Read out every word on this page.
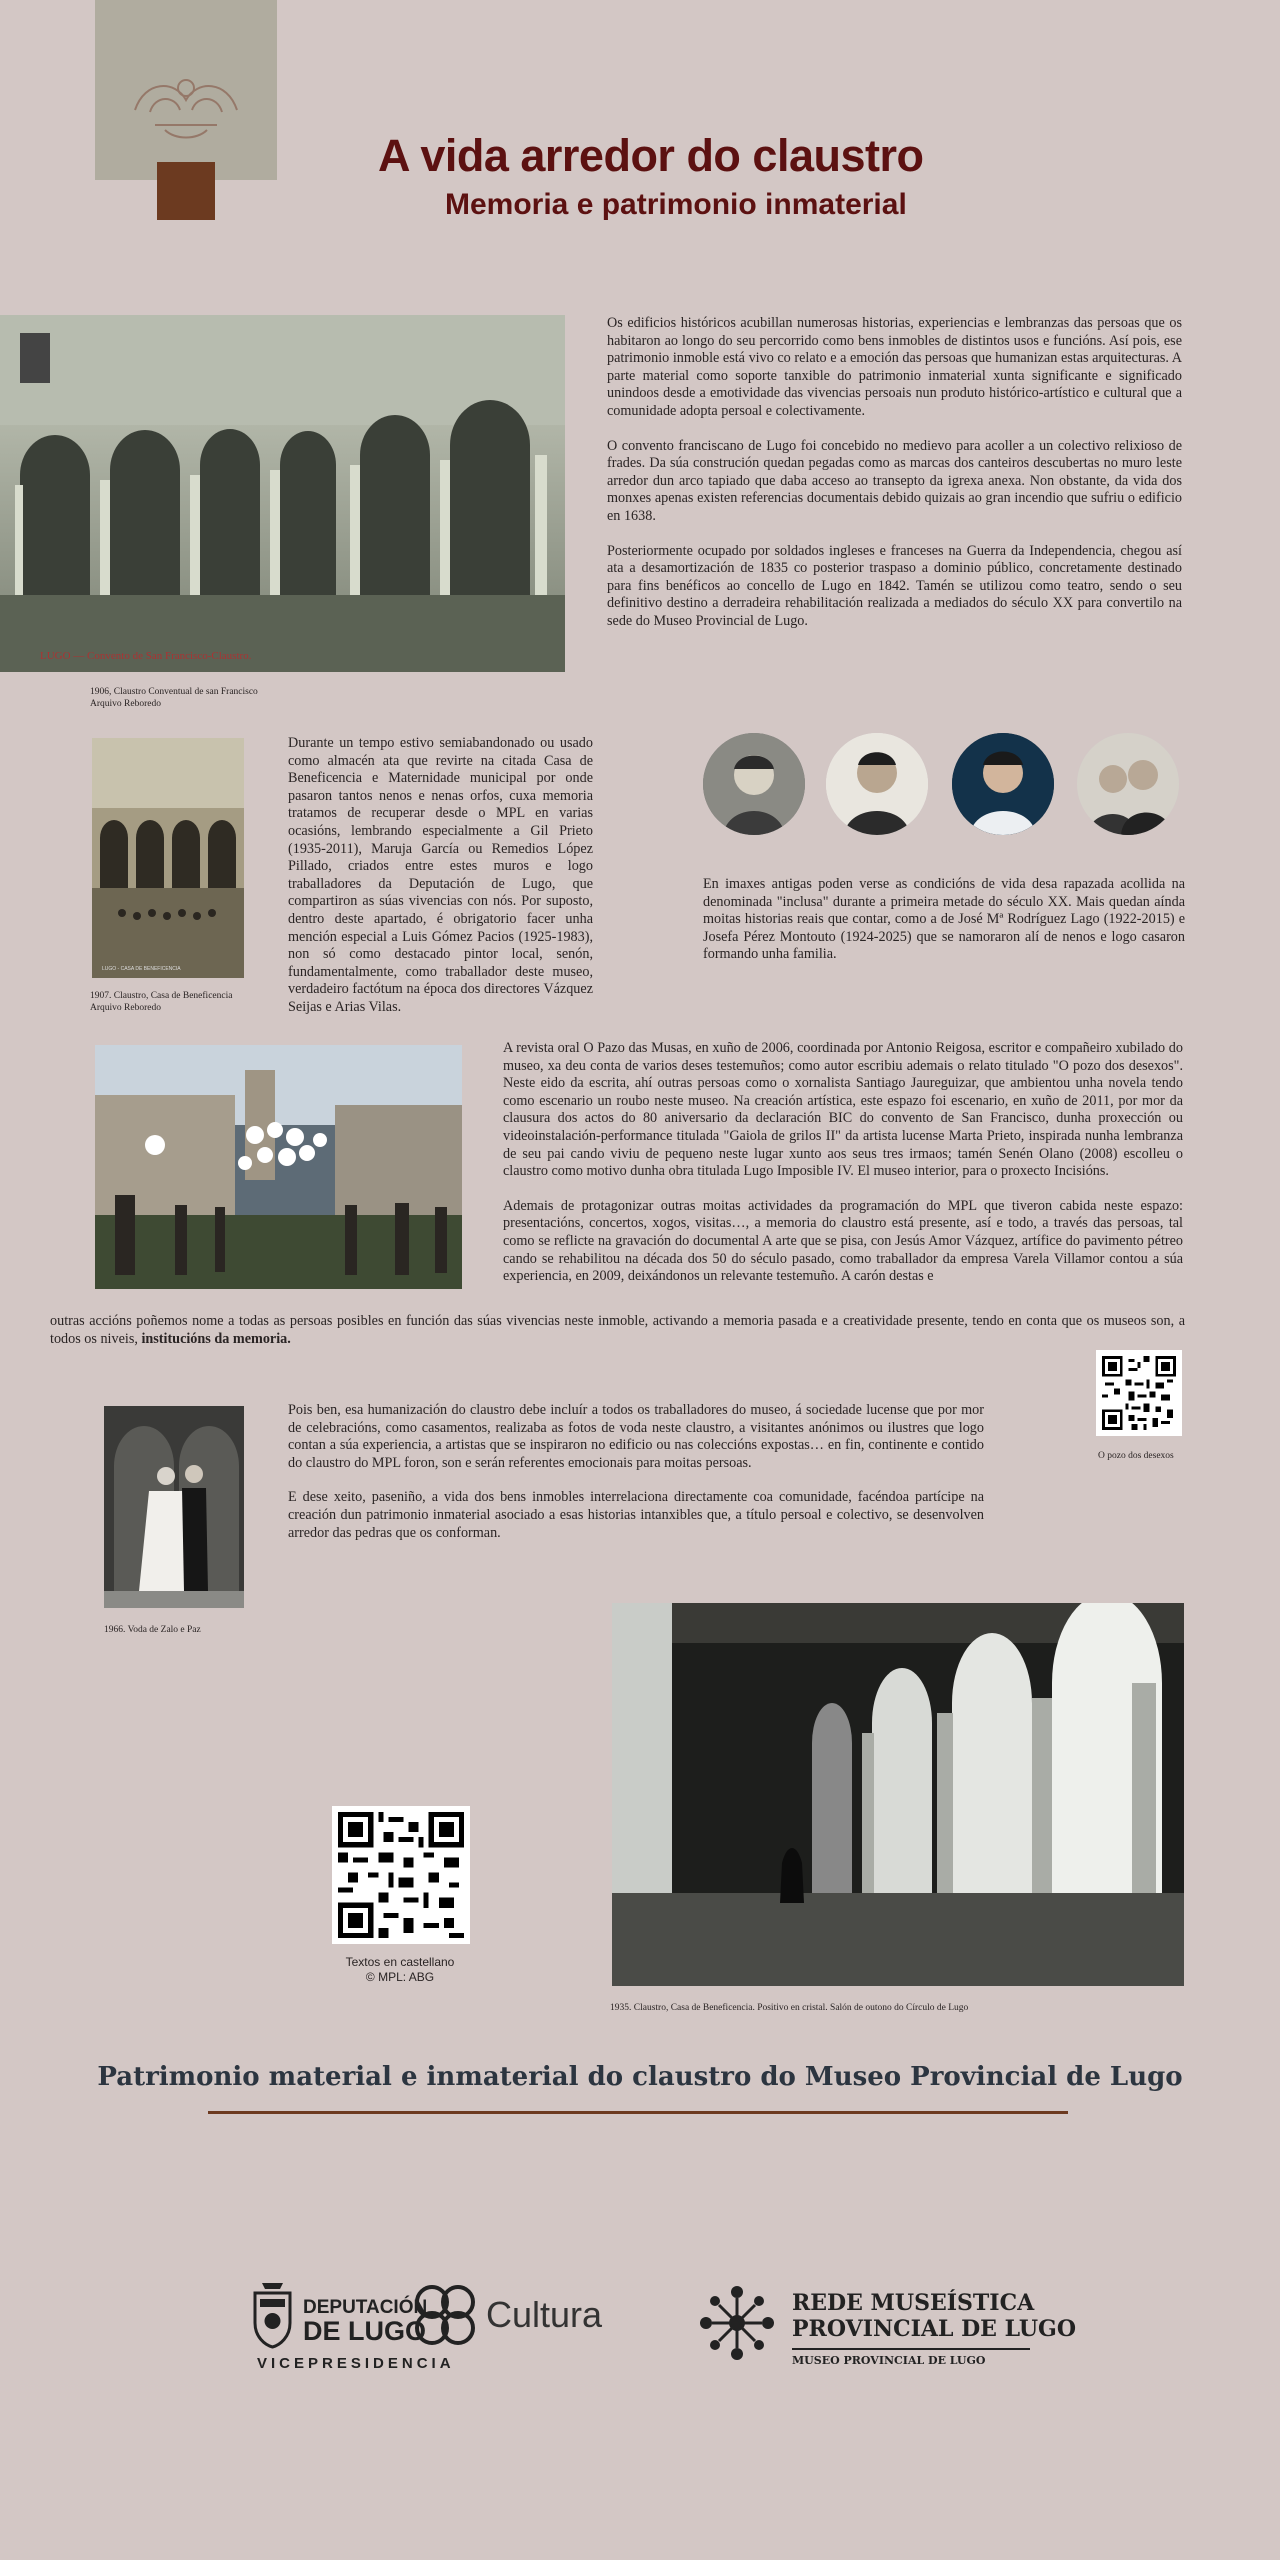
A vida arredor do claustro
Memoria e patrimonio inmaterial
LUGO — Convento de San Francisco-Claustro.
1906, Claustro Conventual de san Francisco
Arquivo Reboredo

Os edificios históricos acubillan numerosas historias, experiencias e lembranzas das persoas que os habitaron ao longo do seu percorrido como bens inmobles de distintos usos e funcións. Así pois, ese patrimonio inmoble está vivo co relato e a emoción das persoas que humanizan estas arquitecturas. A parte material como soporte tanxible do patrimonio inmaterial xunta significante e significado unindoos desde a emotividade das vivencias persoais nun produto histórico-artístico e cultural que a comunidade adopta persoal e colectivamente.

O convento franciscano de Lugo foi concebido no medievo para acoller a un colectivo relixioso de frades. Da súa construción quedan pegadas como as marcas dos canteiros descubertas no muro leste arredor dun arco tapiado que daba acceso ao transepto da igrexa anexa. Non obstante, da vida dos monxes apenas existen referencias documentais debido quizais ao gran incendio que sufriu o edificio en 1638.

Posteriormente ocupado por soldados ingleses e franceses na Guerra da Independencia, chegou así ata a desamortización de 1835 co posterior traspaso a dominio público, concretamente destinado para fins benéficos ao concello de Lugo en 1842. Tamén se utilizou como teatro, sendo o seu definitivo destino a derradeira rehabilitación realizada a mediados do século XX para convertilo na sede do Museo Provincial de Lugo.

LUGO - CASA DE BENEFICENCIA
1907. Claustro, Casa de Beneficencia
Arquivo Reboredo
Durante un tempo estivo semiabandonado ou usado como almacén ata que revirte na citada Casa de Beneficencia e Maternidade municipal por onde pasaron tantos nenos e nenas orfos, cuxa memoria tratamos de recuperar desde o MPL en varias ocasións, lembrando especialmente a Gil Prieto (1935-2011), Maruja García ou Remedios López Pillado, criados entre estes muros e logo traballadores da Deputación de Lugo, que compartiron as súas vivencias con nós. Por suposto, dentro deste apartado, é obrigatorio facer unha mención especial a Luis Gómez Pacios (1925-1983), non só como destacado pintor local, senón, fundamentalmente, como traballador deste museo, verdadeiro factótum na época dos directores Vázquez Seijas e Arias Vilas.
En imaxes antigas poden verse as condicións de vida desa rapazada acollida na denominada "inclusa" durante a primeira metade do século XX. Mais quedan aínda moitas historias reais que contar, como a de José Mª Rodríguez Lago (1922-2015) e Josefa Pérez Montouto (1924-2025) que se namoraron alí de nenos e logo casaron formando unha familia.

A revista oral O Pazo das Musas, en xuño de 2006, coordinada por Antonio Reigosa, escritor e compañeiro xubilado do museo, xa deu conta de varios deses testemuños; como autor escribiu ademais o relato titulado "O pozo dos desexos". Neste eido da escrita, ahí outras persoas como o xornalista Santiago Jaureguizar, que ambientou unha novela tendo como escenario un roubo neste museo. Na creación artística, este espazo foi escenario, en xuño de 2011, por mor da clausura dos actos do 80 aniversario da declaración BIC do convento de San Francisco, dunha proxección ou videoinstalación-performance titulada "Gaiola de grilos II" da artista lucense Marta Prieto, inspirada nunha lembranza de seu pai cando viviu de pequeno neste lugar xunto aos seus tres irmaos; tamén Senén Olano (2008) escolleu o claustro como motivo dunha obra titulada Lugo Imposible IV. El museo interior, para o proxecto Incisións.

Ademais de protagonizar outras moitas actividades da programación do MPL que tiveron cabida neste espazo: presentacións, concertos, xogos, visitas…, a memoria do claustro está presente, así e todo, a través das persoas, tal como se reflicte na gravación do documental A arte que se pisa, con Jesús Amor Vázquez, artífice do pavimento pétreo cando se rehabilitou na década dos 50 do século pasado, como traballador da empresa Varela Villamor contou a súa experiencia, en 2009, deixándonos un relevante testemuño. A carón destas e

outras accións poñemos nome a todas as persoas posibles en función das súas vivencias neste inmoble, activando a memoria pasada e a creatividade presente, tendo en conta que os museos son, a todos os niveis, institucións da memoria.
O pozo dos desexos
1966. Voda de Zalo e Paz

Pois ben, esa humanización do claustro debe incluír a todos os traballadores do museo, á sociedade lucense que por mor de celebracións, como casamentos, realizaba as fotos de voda neste claustro, a visitantes anónimos ou ilustres que logo contan a súa experiencia, a artistas que se inspiraron no edificio ou nas coleccións expostas… en fin, continente e contido do claustro do MPL foron, son e serán referentes emocionais para moitas persoas.

E dese xeito, paseniño, a vida dos bens inmobles interrelaciona directamente coa comunidade, facéndoa partícipe na creación dun patrimonio inmaterial asociado a esas historias intanxibles que, a título persoal e colectivo, se desenvolven arredor das pedras que os conforman.

Textos en castellano
© MPL: ABG
1935. Claustro, Casa de Beneficencia. Positivo en cristal. Salón de outono do Círculo de Lugo
Patrimonio material e inmaterial do claustro do Museo Provincial de Lugo
DEPUTACIÓN
DE LUGO Cultura
VICEPRESIDENCIA
REDE MUSEÍSTICA
PROVINCIAL DE LUGO
MUSEO PROVINCIAL DE LUGO
